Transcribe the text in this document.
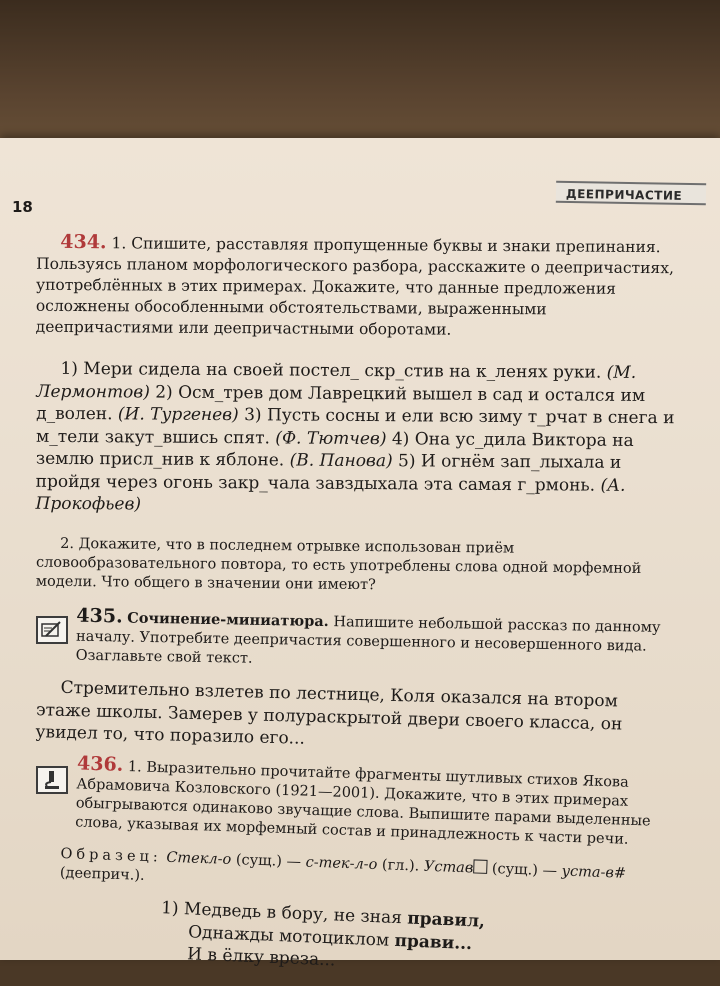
18
ДЕЕПРИЧАСТИЕ
434. 1. Спишите, расставляя пропущенные буквы и знаки препинания. Пользуясь планом морфологического разбора, расскажите о деепричастиях, употреблённых в этих примерах. Докажите, что данные предложения осложнены обособленными обстоятельствами, выраженными деепричастиями или деепричастными оборотами.
1) Мери сидела на своей постел_ скр_стив на к_ленях руки. (М. Лермонтов) 2) Осм_трев дом Лаврецкий вышел в сад и остался им д_волен. (И. Тургенев) 3) Пусть сосны и ели всю зиму т_рчат в снега и м_тели закут_вшись спят. (Ф. Тютчев) 4) Она ус_дила Виктора на землю присл_нив к яблоне. (В. Панова) 5) И огнём зап_лыхала и пройдя через огонь закр_чала завздыхала эта самая г_рмонь. (А. Прокофьев)
2. Докажите, что в последнем отрывке использован приём словообразовательного повтора, то есть употреблены слова одной морфемной модели. Что общего в значении они имеют?
435. Сочинение-миниатюра. Напишите небольшой рассказ по данному началу. Употребите деепричастия совершенного и несовершенного вида. Озаглавьте свой текст.
Стремительно взлетев по лестнице, Коля оказался на втором этаже школы. Замерев у полураскрытой двери своего класса, он увидел то, что поразило его...
436. 1. Выразительно прочитайте фрагменты шутливых стихов Якова Абрамовича Козловского (1921—2001). Докажите, что в этих примерах обыгрываются одинаково звучащие слова. Выпишите парами выделенные слова, указывая их морфемный состав и принадлежность к части речи.
Образец: Стекл-о (сущ.) — с-тек-л-о (гл.). Устав (сущ.) — уста-в# (дееприч.).
1) Медведь в бору, не зная правил,
Однажды мотоциклом прави...
И в ёлку вреза...
